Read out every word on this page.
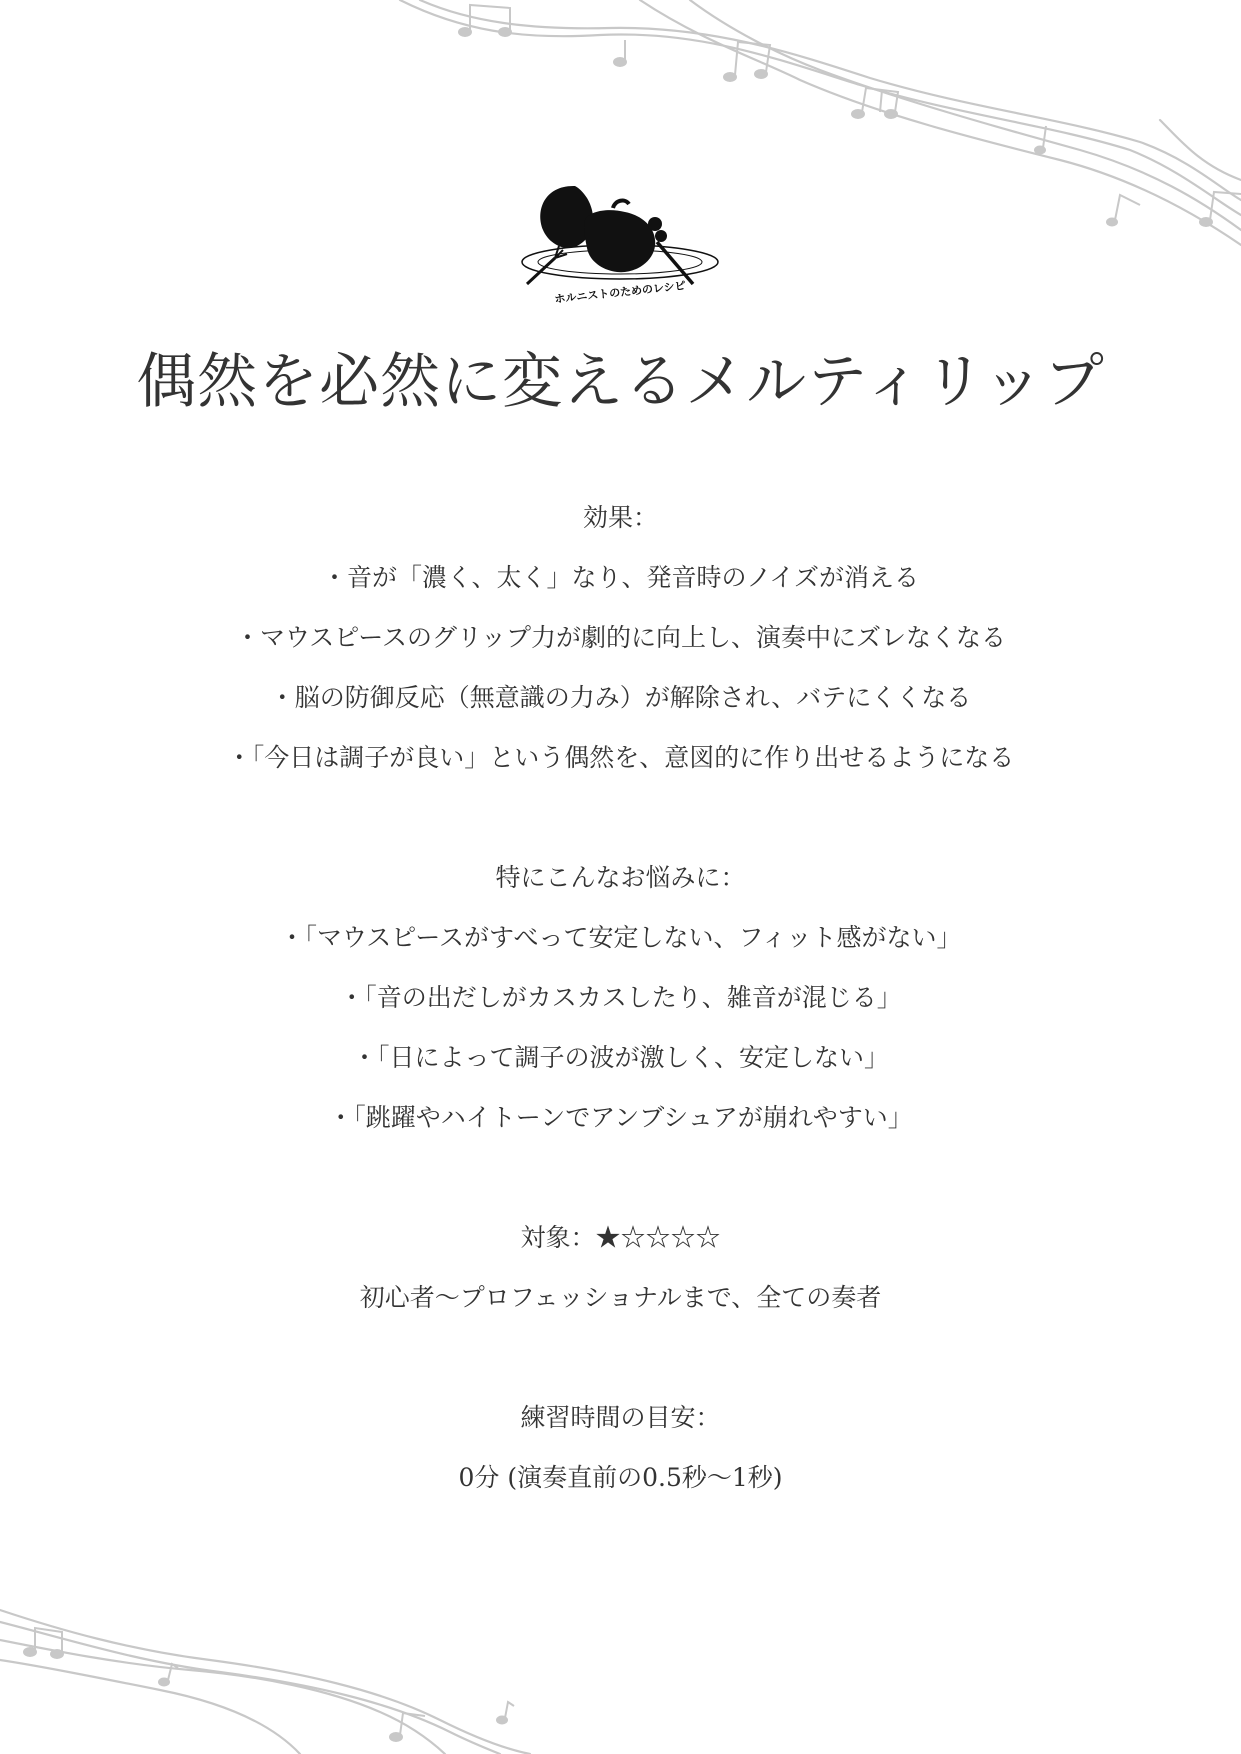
ホルニストのためのレシピ
偶然を必然に変えるメルティリップ
効果：
・音が「濃く、太く」なり、発音時のノイズが消える
・マウスピースのグリップ力が劇的に向上し、演奏中にズレなくなる
・脳の防御反応（無意識の力み）が解除され、バテにくくなる
・「今日は調子が良い」という偶然を、意図的に作り出せるようになる
特にこんなお悩みに：
・「マウスピースがすべって安定しない、フィット感がない」
・「音の出だしがカスカスしたり、雑音が混じる」
・「日によって調子の波が激しく、安定しない」
・「跳躍やハイトーンでアンブシュアが崩れやすい」
対象：★☆☆☆☆
初心者〜プロフェッショナルまで、全ての奏者
練習時間の目安：
0分 (演奏直前の0.5秒〜1秒)
